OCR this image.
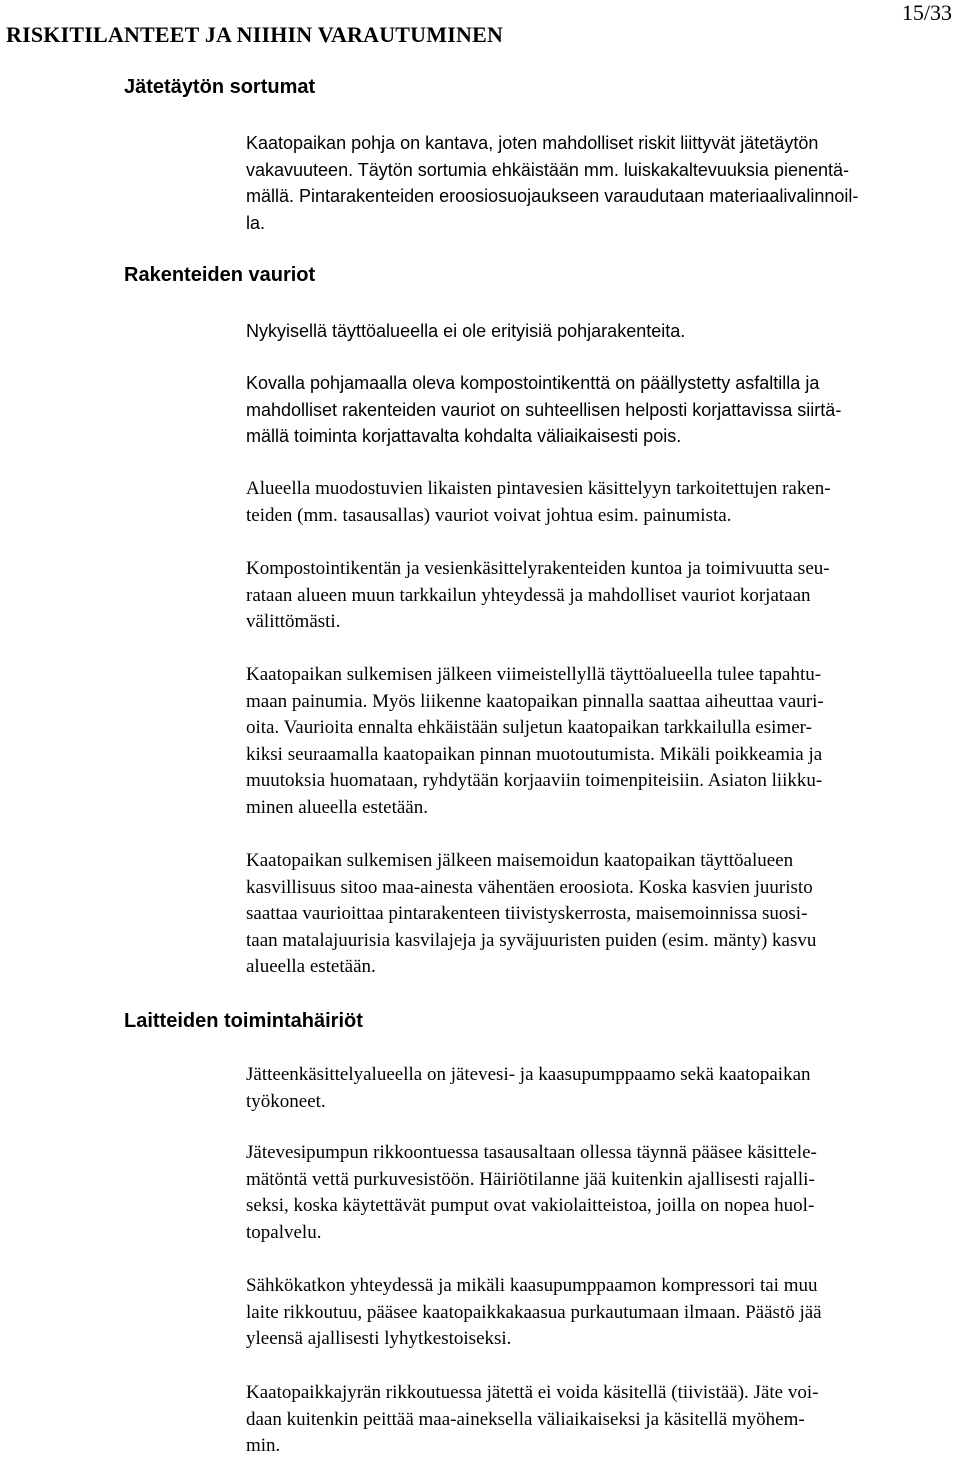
RISKITILANTEET JA NIIHIN VARAUTUMINEN
15/33
Jätetäytön sortumat
Kaatopaikan pohja on kantava, joten mahdolliset riskit liittyvät jätetäytön
vakavuuteen. Täytön sortumia ehkäistään mm. luiskakaltevuuksia pienentä-
mällä. Pintarakenteiden eroosiosuojaukseen varaudutaan materiaalivalinnoil-
la.
Rakenteiden vauriot
Nykyisellä täyttöalueella ei ole erityisiä pohjarakenteita.
Kovalla pohjamaalla oleva kompostointikenttä on päällystetty asfaltilla ja
mahdolliset rakenteiden vauriot on suhteellisen helposti korjattavissa siirtä-
mällä toiminta korjattavalta kohdalta väliaikaisesti pois.
Alueella muodostuvien likaisten pintavesien käsittelyyn tarkoitettujen raken-
teiden (mm. tasausallas) vauriot voivat johtua esim. painumista.
Kompostointikentän ja vesienkäsittelyrakenteiden kuntoa ja toimivuutta seu-
rataan alueen muun tarkkailun yhteydessä ja mahdolliset vauriot korjataan
välittömästi.
Kaatopaikan sulkemisen jälkeen viimeistellyllä täyttöalueella tulee tapahtu-
maan painumia. Myös liikenne kaatopaikan pinnalla saattaa aiheuttaa vauri-
oita. Vaurioita ennalta ehkäistään suljetun kaatopaikan tarkkailulla esimer-
kiksi seuraamalla kaatopaikan pinnan muotoutumista. Mikäli poikkeamia ja
muutoksia huomataan, ryhdytään korjaaviin toimenpiteisiin. Asiaton liikku-
minen alueella estetään.
Kaatopaikan sulkemisen jälkeen maisemoidun kaatopaikan täyttöalueen
kasvillisuus sitoo maa-ainesta vähentäen eroosiota. Koska kasvien juuristo
saattaa vaurioittaa pintarakenteen tiivistyskerrosta, maisemoinnissa suosi-
taan matalajuurisia kasvilajeja ja syväjuuristen puiden (esim. mänty) kasvu
alueella estetään.
Laitteiden toimintahäiriöt
Jätteenkäsittelyalueella on jätevesi- ja kaasupumppaamo sekä kaatopaikan
työkoneet.
Jätevesipumpun rikkoontuessa tasausaltaan ollessa täynnä pääsee käsittele-
mätöntä vettä purkuvesistöön. Häiriötilanne jää kuitenkin ajallisesti rajalli-
seksi, koska käytettävät pumput ovat vakiolaitteistoa, joilla on nopea huol-
topalvelu.
Sähkökatkon yhteydessä ja mikäli kaasupumppaamon kompressori tai muu
laite rikkoutuu, pääsee kaatopaikkakaasua purkautumaan ilmaan. Päästö jää
yleensä ajallisesti lyhytkestoiseksi.
Kaatopaikkajyrän rikkoutuessa jätettä ei voida käsitellä (tiivistää). Jäte voi-
daan kuitenkin peittää maa-aineksella väliaikaiseksi ja käsitellä myöhem-
min.
